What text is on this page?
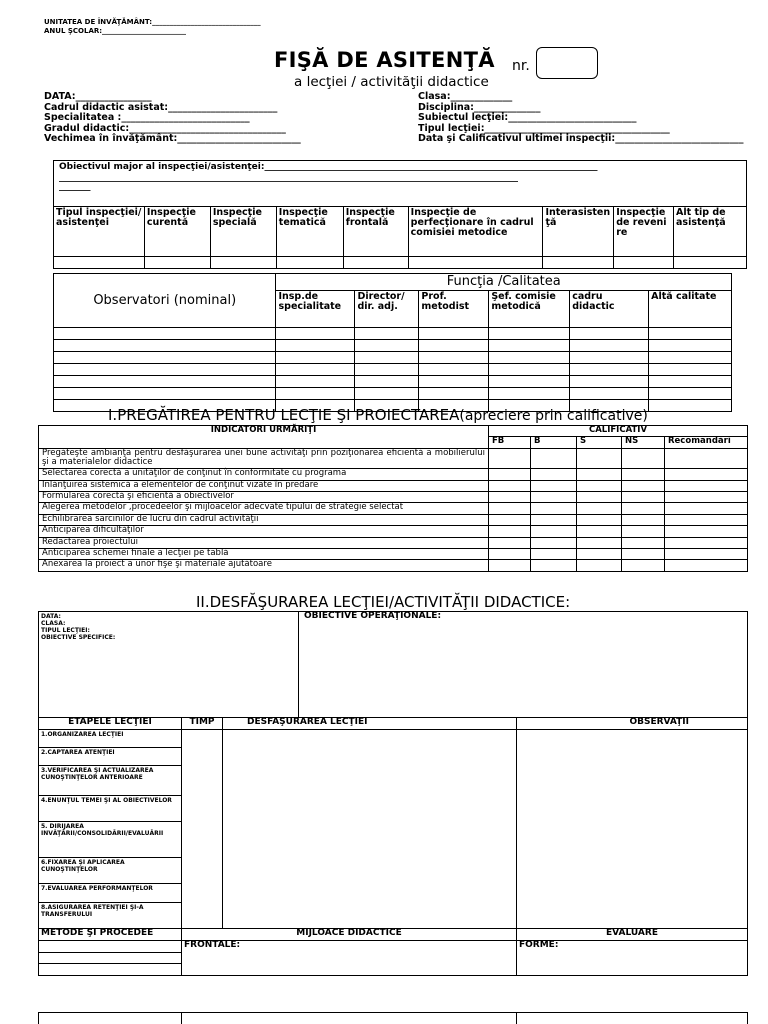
UNITATEA DE ÎNVĂŢĂMÂNT:_______________________________
ANUL ŞCOLAR:________________________
FIŞĂ DE ASITENŢĂ nr.
a lecţiei / activităţii didactice
DATA:________________
Cadrul didactic asistat:_______________________
Specialitatea :___________________________
Gradul didactic:_________________________________
Vechimea în învăţământ:__________________________
Clasa:_____________
Disciplina:______________
Subiectul lecţiei:___________________________
Tipul lecţiei:_______________________________________
Data şi Calificativul ultimei inspecţii:___________________________
Obiectivul major al inspecţiei/asistenţei:__________________________________________________________________________
______________________________________________________________________________________________________
_______
Tipul inspecţiei/ asistenţei	Inspecţie curentă	Inspecţie specială	Inspecţie tematică	Inspecţie frontală	Inspecţie de perfecţionare în cadrul comisiei metodice	Interasistenţă	Inspecţie de revenire	Alt tip de asistenţă

Observatori (nominal)	Funcţia /Calitatea					
	Insp.de specialitate	Director/ dir. adj.	Prof. metodist	Şef. comisie metodică	cadru didactic	Altă calitate

I.PREGĂTIREA PENTRU LECŢIE ŞI PROIECTAREA(apreciere prin calificative)
INDICATORI URMĂRIŢI	CALIFICATIV				
	FB	B	S	NS	Recomandări
Pregăteşte ambianţa pentru desfăşurarea unei bune activităţi prin poziţionarea eficientă a mobilierului şi a materialelor didactice					
Selectarea corectă a unităţilor de conţinut în conformitate cu programa					
Inlănţuirea sistemică a elementelor de conţinut vizate în predare					
Formularea corectă şi eficientă a obiectivelor					
Alegerea metodelor ,procedeelor şi mijloacelor adecvate tipului de strategie selectat					
Echilibrarea sarcinilor de lucru din cadrul activităţii					
Anticiparea dificultăţilor					
Redactarea proiectului					
Anticiparea schemei finale a lecţiei pe tablă					
Anexarea la proiect a unor fişe şi materiale ajutătoare					
II.DESFĂŞURAREA LECŢIEI/ACTIVITĂŢII DIDACTICE:
DATA:
CLASA:
TIPUL LECŢIEI:
OBIECTIVE SPECIFICE:
	OBIECTIVE OPERAŢIONALE:
ETAPELE LECŢIEI	TIMP	DESFAŞURAREA LECŢIEI	OBSERVAŢII
1.ORGANIZAREA LECŢIEI			
2.CAPTAREA ATENŢIEI			
3.VERIFICAREA ŞI ACTUALIZAREA CUNOŞTINŢELOR ANTERIOARE			
4.ENUNŢUL TEMEI ŞI AL OBIECTIVELOR			
5. DIRIJAREA INVĂŢĂRII/CONSOLIDĂRII/EVALUĂRII			
6.FIXAREA ŞI APLICAREA CUNOŞTINŢELOR			
7.EVALUAREA PERFORMANŢELOR			
8.ASIGURAREA RETENŢIEI ŞI-A TRANSFERULUI			
METODE ŞI PROCEDEE	MIJLOACE DIDACTICE	EVALUARE
	FRONTALE:	FORME:
